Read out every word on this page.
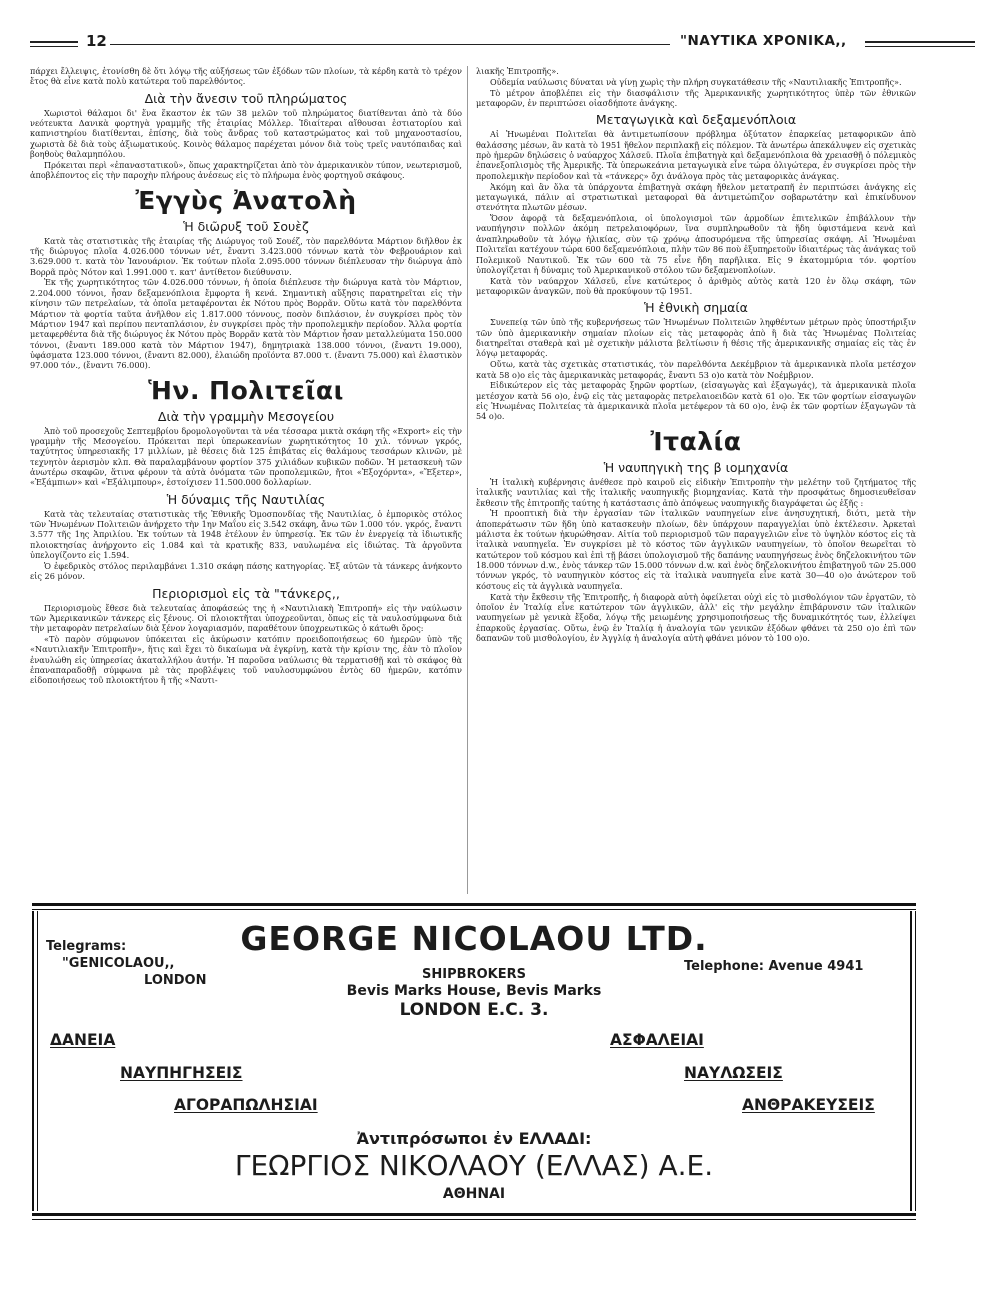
12	"ΝΑΥΤΙΚΑ ΧΡΟΝΙΚΑ,,

πάρχει ἔλλειψις, ἐτονίσθη δὲ ὅτι λόγῳ τῆς αὐξήσεως τῶν ἐξόδων τῶν πλοίων, τὰ κέρδη κατὰ τὸ τρέχον ἔτος θὰ εἶνε κατὰ πολὺ κατώτερα τοῦ παρελθόντος.

Διὰ τὴν ἄνεσιν τοῦ πληρώματος

Χωριστοὶ θάλαμοι δι' ἕνα ἕκαστον ἐκ τῶν 38 μελῶν τοῦ πληρώματος διατίθενται ἀπὸ τὰ δύο νεότευκτα Δανικὰ φορτηγὰ γραμμῆς τῆς ἑταιρίας Μόλλερ. Ἰδιαίτεραι αἴθουσαι ἑστιατορίου καὶ καπνιστηρίου διατίθενται, ἐπίσης, διὰ τοὺς ἄνδρας τοῦ καταστρώματος καὶ τοῦ μηχανοστασίου, χωριστὰ δὲ διὰ τοὺς ἀξιωματικούς. Κοινὸς θάλαμος παρέχεται μόνον διὰ τοὺς τρεῖς ναυτόπαιδας καὶ βοηθοὺς θαλαμηπόλου.

Πρόκειται περὶ «ἐπαναστατικοῦ», ὅπως χαρακτηρίζεται ἀπὸ τὸν ἀμερικανικὸν τύπον, νεωτερισμοῦ, ἀποβλέποντος εἰς τὴν παροχὴν πλήρους ἀνέσεως εἰς τὸ πλήρωμα ἑνὸς φορτηγοῦ σκάφους.

Ἐγγὺς Ἀνατολὴ
Ἡ διῶρυξ τοῦ Σουὲζ

Κατὰ τὰς στατιστικὰς τῆς ἑταιρίας τῆς Διώρυγος τοῦ Σουέζ, τὸν παρελθόντα Μάρτιον διῆλθον ἐκ τῆς διώρυγος πλοῖα 4.026.000 τόννων νέτ, ἔναντι 3.423.000 τόννων κατὰ τὸν Φεβρουάριον καὶ 3.629.000 τ. κατὰ τὸν Ἰανουάριον. Ἐκ τούτων πλοῖα 2.095.000 τόννων διέπλευσαν τὴν διώρυγα ἀπὸ Βορρᾶ πρὸς Νότον καὶ 1.991.000 τ. κατ' ἀντίθετον διεύθυνσιν.

Ἐκ τῆς χωρητικότητος τῶν 4.026.000 τόννων, ἡ ὁποία διέπλευσε τὴν διώρυγα κατὰ τὸν Μάρτιον, 2.204.000 τόννοι, ἦσαν δεξαμενόπλοια ἔμφορτα ἢ κενά. Σημαντικὴ αὔξησις παρατηρεῖται εἰς τὴν κίνησιν τῶν πετρελαίων, τὰ ὁποῖα μεταφέρονται ἐκ Νότου πρὸς Βορρᾶν. Οὕτω κατὰ τὸν παρελθόντα Μάρτιον τὰ φορτία ταῦτα ἀνῆλθον εἰς 1.817.000 τόννους, ποσὸν διπλάσιον, ἐν συγκρίσει πρὸς τὸν Μάρτιον 1947 καὶ περίπου πενταπλάσιον, ἐν συγκρίσει πρὸς τὴν προπολεμικὴν περίοδον. Ἄλλα φορτία μεταφερθέντα διὰ τῆς διώρυγος ἐκ Νότου πρὸς Βορρᾶν κατὰ τὸν Μάρτιον ἦσαν μεταλλεύματα 150.000 τόννοι, (ἔναντι 189.000 κατὰ τὸν Μάρτιον 1947), δημητριακὰ 138.000 τόννοι, (ἔναντι 19.000), ὑφάσματα 123.000 τόννοι, (ἔναντι 82.000), ἐλαιώδη προϊόντα 87.000 τ. (ἔναντι 75.000) καὶ ἐλαστικὸν 97.000 τόν., (ἔναντι 76.000).

Ἡν. Πολιτεῖαι
Διὰ τὴν γραμμὴν Μεσογείου

Ἀπὸ τοῦ προσεχοῦς Σεπτεμβρίου δρομολογοῦνται τὰ νέα τέσσαρα μικτὰ σκάφη τῆς «Export» εἰς τὴν γραμμὴν τῆς Μεσογείου. Πρόκειται περὶ ὑπερωκεανίων χωρητικότητος 10 χιλ. τόννων γκρός, ταχύτητος ὑπηρεσιακῆς 17 μιλλίων, μὲ θέσεις διὰ 125 ἐπιβάτας εἰς θαλάμους τεσσάρων κλινῶν, μὲ τεχνητὸν ἀερισμὸν κλπ. Θὰ παραλαμβάνουν φορτίον 375 χιλιάδων κυβικῶν ποδῶν. Ἡ μετασκευὴ τῶν ἀνωτέρω σκαφῶν, ἅτινα φέρουν τὰ αὐτὰ ὀνόματα τῶν προπολεμικῶν, ἤτοι «Ἐξοχόρντα», «Ἔξετερ», «Ἐξάμπιων» καὶ «Ἐξάλιμπουρ», ἐστοίχισεν 11.500.000 δολλαρίων.

Ἡ δύναμις τῆς Ναυτιλίας

Κατὰ τὰς τελευταίας στατιστικὰς τῆς Ἐθνικῆς Ὁμοσπονδίας τῆς Ναυτιλίας, ὁ ἐμπορικὸς στόλος τῶν Ἡνωμένων Πολιτειῶν ἀνήρχετο τὴν 1ην Μαΐου εἰς 3.542 σκάφη, ἄνω τῶν 1.000 τόν. γκρός, ἔναντι 3.577 τῆς 1ης Ἀπριλίου. Ἐκ τούτων τὰ 1948 ἐτέλουν ἐν ὑπηρεσίᾳ. Ἐκ τῶν ἐν ἐνεργείᾳ τὰ ἰδιωτικῆς πλοιοκτησίας ἀνήρχοντο εἰς 1.084 καὶ τὰ κρατικῆς 833, ναυλωμένα εἰς ἰδιώτας. Τὰ ἀργοῦντα ὑπελογίζοντο εἰς 1.594.

Ὁ ἐφεδρικὸς στόλος περιλαμβάνει 1.310 σκάφη πάσης κατηγορίας. Ἐξ αὐτῶν τὰ τάνκερς ἀνήκοντο εἰς 26 μόνον.

Περιορισμοὶ εἰς τὰ "τάνκερς,,

Περιορισμοὺς ἔθεσε διὰ τελευταίας ἀποφάσεώς της ἡ «Ναυτιλιακὴ Ἐπιτροπή» εἰς τὴν ναύλωσιν τῶν Ἀμερικανικῶν τάνκερς εἰς ξένους. Οἱ πλοιοκτῆται ὑποχρεοῦνται, ὅπως εἰς τὰ ναυλοσύμφωνα διὰ τὴν μεταφορὰν πετρελαίων διὰ ξένον λογαριασμόν, παραθέτουν ὑποχρεωτικῶς ὁ κάτωθι ὅρος:

«Τὸ παρὸν σύμφωνον ὑπόκειται εἰς ἀκύρωσιν κατόπιν προειδοποιήσεως 60 ἡμερῶν ὑπὸ τῆς «Ναυτιλιακῆν Ἐπιτροπῆν», ἥτις καὶ ἔχει τὸ δικαίωμα νὰ ἐγκρίνῃ, κατὰ τὴν κρίσιν της, ἐὰν τὸ πλοῖον ἐναυλώθη εἰς ὑπηρεσίας ἀκαταλλήλου ἀυτήν. Ἡ παροῦσα ναύλωσις θὰ τερματισθῇ καὶ τὸ σκάφος θὰ ἐπαναπαραδοθῇ σύμφωνα μὲ τὰς προβλέψεις τοῦ ναυλοσυμφώνου ἐντὸς 60 ἡμερῶν, κατόπιν εἰδοποιήσεως τοῦ πλοιοκτήτου ἢ τῆς «Ναυτι-

λιακῆς Ἐπιτροπῆς».

Οὐδεμία ναύλωσις δύναται νὰ γίνῃ χωρὶς τὴν πλήρη συγκατάθεσιν τῆς «Ναυτιλιακῆς Ἐπιτροπῆς».

Τὸ μέτρον ἀποβλέπει εἰς τὴν διασφάλισιν τῆς Ἀμερικανικῆς χωρητικότητος ὑπὲρ τῶν ἐθνικῶν μεταφορῶν, ἐν περιπτώσει οἱασδήποτε ἀνάγκης.

Μεταγωγικὰ καὶ δεξαμενόπλοια

Αἱ Ἡνωμέναι Πολιτεῖαι θὰ ἀντιμετωπίσουν πρόβλημα ὀξύτατον ἐπαρκείας μεταφορικῶν ἀπὸ θαλάσσης μέσων, ἂν κατὰ τὸ 1951 ἤθελον περιπλακῇ εἰς πόλεμον. Τὰ ἀνωτέρω ἀπεκάλυψεν εἰς σχετικὰς πρὸ ἡμερῶν δηλώσεις ὁ ναύαρχος Χάλσεϋ. Πλοῖα ἐπιβατηγὰ καὶ δεξαμενόπλοια θὰ χρειασθῇ ὁ πόλεμικὸς ἐπανεξοπλισμὸς τῆς Ἀμερικῆς. Τὰ ὑπερωκεάνια μεταγωγικὰ εἶνε τώρα ὀλιγώτερα, ἐν συγκρίσει πρὸς τὴν προπολεμικὴν περίοδον καὶ τὰ «τάνκερς» ὄχι ἀνάλογα πρὸς τὰς μεταφορικὰς ἀνάγκας.

Ἀκόμη καὶ ἂν ὅλα τὰ ὑπάρχοντα ἐπιβατηγὰ σκάφη ἤθελον μετατραπῆ ἐν περιπτώσει ἀνάγκης εἰς μεταγωγικά, πάλιν αἱ στρατιωτικαὶ μεταφοραὶ θὰ ἀντιμετώπιζον σοβαρωτάτην καὶ ἐπικίνδυνον στενότητα πλωτῶν μέσων.

Ὅσον ἀφορᾷ τὰ δεξαμενόπλοια, οἱ ὑπολογισμοὶ τῶν ἁρμοδίων ἐπιτελικῶν ἐπιβάλλουν τὴν ναυπήγησιν πολλῶν ἀκόμη πετρελαιοφόρων, ἵνα συμπληρωθοῦν τὰ ἤδη ὑφιστάμενα κενὰ καὶ ἀναπληρωθοῦν τὰ λόγῳ ἡλικίας, σὺν τῷ χρόνῳ ἀποσυρόμενα τῆς ὑπηρεσίας σκάφη. Αἱ Ἡνωμέναι Πολιτεῖαι κατέχουν τώρα 600 δεξαμενόπλοια, πλὴν τῶν 86 ποὺ ἐξυπηρετοῦν ἰδιαιτέρως τὰς ἀνάγκας τοῦ Πολεμικοῦ Ναυτικοῦ. Ἐκ τῶν 600 τὰ 75 εἶνε ἤδη παρῆλικα. Εἰς 9 ἑκατομμύρια τόν. φορτίου ὑπολογίζεται ἡ δύναμις τοῦ Ἀμερικανικοῦ στόλου τῶν δεξαμενοπλοίων.

Κατὰ τὸν ναύαρχον Χάλσεϋ, εἶνε κατώτερος ὁ ἀριθμὸς αὐτὸς κατὰ 120 ἐν ὅλῳ σκάφη, τῶν μεταφορικῶν ἀναγκῶν, ποὺ θὰ προκύψουν τῷ 1951.

Ἡ ἐθνικὴ σημαία

Συνεπείᾳ τῶν ὑπὸ τῆς κυβερνήσεως τῶν Ἡνωμένων Πολιτειῶν ληφθέντων μέτρων πρὸς ὑποστήριξιν τῶν ὑπὸ ἀμερικανικὴν σημαίαν πλοίων εἰς τὰς μεταφορὰς ἀπὸ ἢ διὰ τὰς Ἡνωμένας Πολιτείας διατηρεῖται σταθερὰ καὶ μὲ σχετικὴν μάλιστα βελτίωσιν ἡ θέσις τῆς ἀμερικανικῆς σημαίας εἰς τὰς ἐν λόγῳ μεταφοράς.

Οὕτω, κατὰ τὰς σχετικὰς στατιστικάς, τὸν παρελθόντα Δεκέμβριον τὰ ἀμερικανικὰ πλοῖα μετέσχον κατὰ 58 ο)ο εἰς τὰς ἀμερικανικὰς μεταφοράς, ἔναντι 53 ο)ο κατὰ τὸν Νοέμβριον.

Εἰδικώτερον εἰς τὰς μεταφορὰς ξηρῶν φορτίων, (εἰσαγωγὰς καὶ ἐξαγωγάς), τὰ ἀμερικανικὰ πλοῖα μετέσχον κατὰ 56 ο)ο, ἐνῷ εἰς τὰς μεταφορὰς πετρελαιοειδῶν κατὰ 61 ο)ο. Ἐκ τῶν φορτίων εἰσαγωγῶν εἰς Ἡνωμένας Πολιτείας τὰ ἀμερικανικὰ πλοῖα μετέφερον τὰ 60 ο)ο, ἐνῷ ἐκ τῶν φορτίων ἐξαγωγῶν τὰ 54 ο)ο.

Ἰταλία
Ἡ ναυπηγικὴ της β ιομηχανία

Ἡ ἰταλικὴ κυβέρνησις ἀνέθεσε πρὸ καιροῦ εἰς εἰδικὴν Ἐπιτροπὴν τὴν μελέτην τοῦ ζητήματος τῆς ἰταλικῆς ναυτιλίας καὶ τῆς ἰταλικῆς ναυπηγικῆς βιομηχανίας. Κατὰ τὴν προσφάτως δημοσιευθεῖσαν ἔκθεσιν τῆς ἐπιτροπῆς ταύτης ἡ κατάστασις ἀπὸ ἀπόψεως ναυπηγικῆς διαγράφεται ὡς ἑξῆς :

Ἡ προοπτικὴ διὰ τὴν ἐργασίαν τῶν ἰταλικῶν ναυπηγείων εἶνε ἀνησυχητική, διότι, μετὰ τὴν ἀποπεράτωσιν τῶν ἤδη ὑπὸ κατασκευὴν πλοίων, δὲν ὑπάρχουν παραγγελίαι ὑπὸ ἐκτέλεσιν. Ἀρκεταὶ μάλιστα ἐκ τούτων ἠκυρώθησαν. Αἰτία τοῦ περιορισμοῦ τῶν παραγγελιῶν εἶνε τὸ ὑψηλὸν κόστος εἰς τὰ ἰταλικὰ ναυπηγεῖα. Ἐν συγκρίσει μὲ τὸ κόστος τῶν ἀγγλικῶν ναυπηγείων, τὸ ὁποῖον θεωρεῖται τὸ κατώτερον τοῦ κόσμου καὶ ἐπὶ τῇ βάσει ὑπολογισμοῦ τῆς δαπάνης ναυπηγήσεως ἑνὸς δηζελοκινήτου τῶν 18.000 τόννων d.w., ἑνὸς τάνκερ τῶν 15.000 τόννων d.w. καὶ ἑνὸς δηζελοκινήτου ἐπιβατηγοῦ τῶν 25.000 τόννων γκρός, τὸ ναυπηγικὸν κόστος εἰς τὰ ἰταλικὰ ναυπηγεῖα εἶνε κατὰ 30—40 ο)ο ἀνώτερον τοῦ κόστους εἰς τὰ ἀγγλικὰ ναυπηγεῖα.

Κατὰ τὴν ἔκθεσιν τῆς Ἐπιτροπῆς, ἡ διαφορὰ αὐτὴ ὀφείλεται οὐχὶ εἰς τὸ μισθολόγιον τῶν ἐργατῶν, τὸ ὁποῖον ἐν Ἰταλίᾳ εἶνε κατώτερον τῶν ἀγγλικῶν, ἀλλ' εἰς τὴν μεγάλην ἐπιβάρυνσιν τῶν ἰταλικῶν ναυπηγείων μὲ γενικὰ ἔξοδα, λόγῳ τῆς μειωμένης χρησιμοποιήσεως τῆς δυναμικότητός των, ἐλλείψει ἐπαρκοῦς ἐργασίας. Οὕτω, ἐνῷ ἐν Ἰταλίᾳ ἡ ἀναλογία τῶν γενικῶν ἐξόδων φθάνει τὰ 250 ο)ο ἐπὶ τῶν δαπανῶν τοῦ μισθολογίου, ἐν Ἀγγλίᾳ ἡ ἀναλογία αὐτὴ φθάνει μόνον τὸ 100 ο)ο.

GEORGE NICOLAOU LTD.
Telegrams:
"GENICOLAOU,,
LONDON	SHIPBROKERS
Bevis Marks House, Bevis Marks
LONDON E.C. 3.
Telephone: Avenue 4941
ΔΑΝΕΙΑ	ΑΣΦΑΛΕΙΑΙ
ΝΑΥΠΗΓΗΣΕΙΣ	ΝΑΥΛΩΣΕΙΣ
ΑΓΟΡΑΠΩΛΗΣΙΑΙ	ΑΝΘΡΑΚΕΥΣΕΙΣ
Ἀντιπρόσωποι ἐν ΕΛΛΑΔΙ:
ΓΕΩΡΓΙΟΣ ΝΙΚΟΛΑΟΥ (ΕΛΛΑΣ) Α.Ε.
ΑΘΗΝΑΙ
